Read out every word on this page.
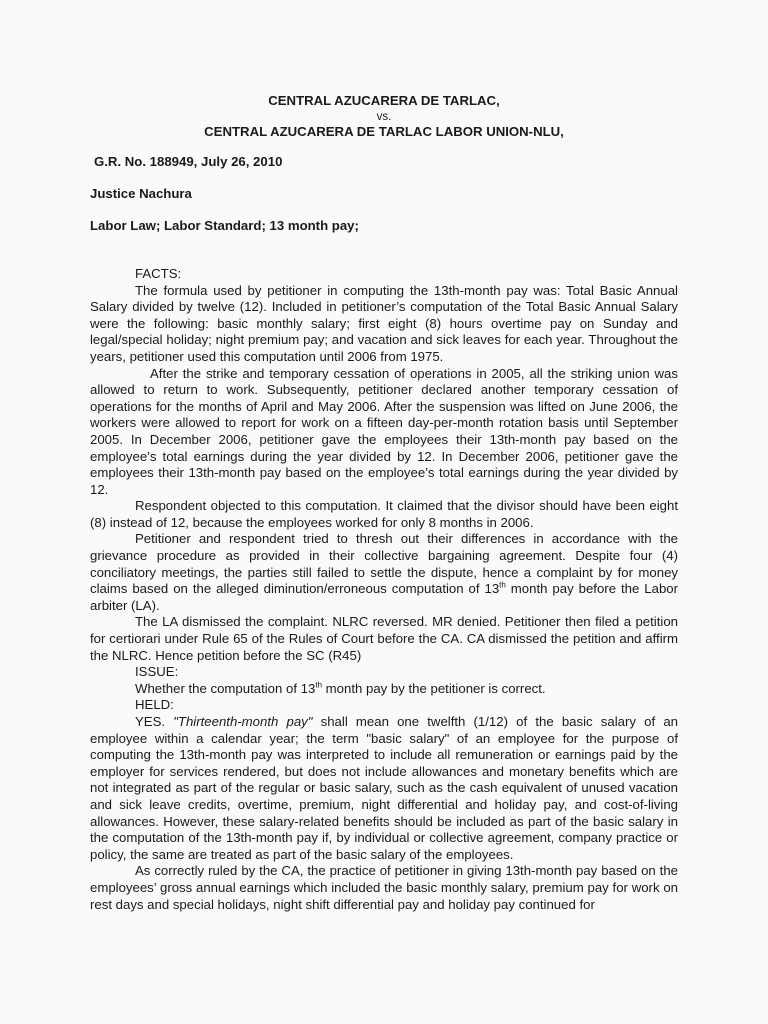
CENTRAL AZUCARERA DE TARLAC,

vs.

CENTRAL AZUCARERA DE TARLAC LABOR UNION-NLU,

G.R. No. 188949, July 26, 2010

Justice Nachura

Labor Law; Labor Standard; 13 month pay;

FACTS:

The formula used by petitioner in computing the 13th-month pay was: Total Basic Annual Salary divided by twelve (12). Included in petitioner’s computation of the Total Basic Annual Salary were the following: basic monthly salary; first eight (8) hours overtime pay on Sunday and legal/special holiday; night premium pay; and vacation and sick leaves for each year. Throughout the years, petitioner used this computation until 2006 from 1975.

After the strike and temporary cessation of operations in 2005, all the striking union was allowed to return to work. Subsequently, petitioner declared another temporary cessation of operations for the months of April and May 2006. After the suspension was lifted on June 2006, the workers were allowed to report for work on a fifteen day-per-month rotation basis until September 2005. In December 2006, petitioner gave the employees their 13th-month pay based on the employee’s total earnings during the year divided by 12. In December 2006, petitioner gave the employees their 13th-month pay based on the employee’s total earnings during the year divided by 12.

Respondent objected to this computation. It claimed that the divisor should have been eight (8) instead of 12, because the employees worked for only 8 months in 2006.

Petitioner and respondent tried to thresh out their differences in accordance with the grievance procedure as provided in their collective bargaining agreement. Despite four (4) conciliatory meetings, the parties still failed to settle the dispute, hence a complaint by for money claims based on the alleged diminution/erroneous computation of 13th month pay before the Labor arbiter (LA).

The LA dismissed the complaint. NLRC reversed. MR denied. Petitioner then filed a petition for certiorari under Rule 65 of the Rules of Court before the CA. CA dismissed the petition and affirm the NLRC. Hence petition before the SC (R45)

ISSUE:

Whether the computation of 13th month pay by the petitioner is correct.

HELD:

YES. "Thirteenth-month pay" shall mean one twelfth (1/12) of the basic salary of an employee within a calendar year; the term "basic salary" of an employee for the purpose of computing the 13th-month pay was interpreted to include all remuneration or earnings paid by the employer for services rendered, but does not include allowances and monetary benefits which are not integrated as part of the regular or basic salary, such as the cash equivalent of unused vacation and sick leave credits, overtime, premium, night differential and holiday pay, and cost-of-living allowances. However, these salary-related benefits should be included as part of the basic salary in the computation of the 13th-month pay if, by individual or collective agreement, company practice or policy, the same are treated as part of the basic salary of the employees.

As correctly ruled by the CA, the practice of petitioner in giving 13th-month pay based on the employees’ gross annual earnings which included the basic monthly salary, premium pay for work on rest days and special holidays, night shift differential pay and holiday pay continued for
